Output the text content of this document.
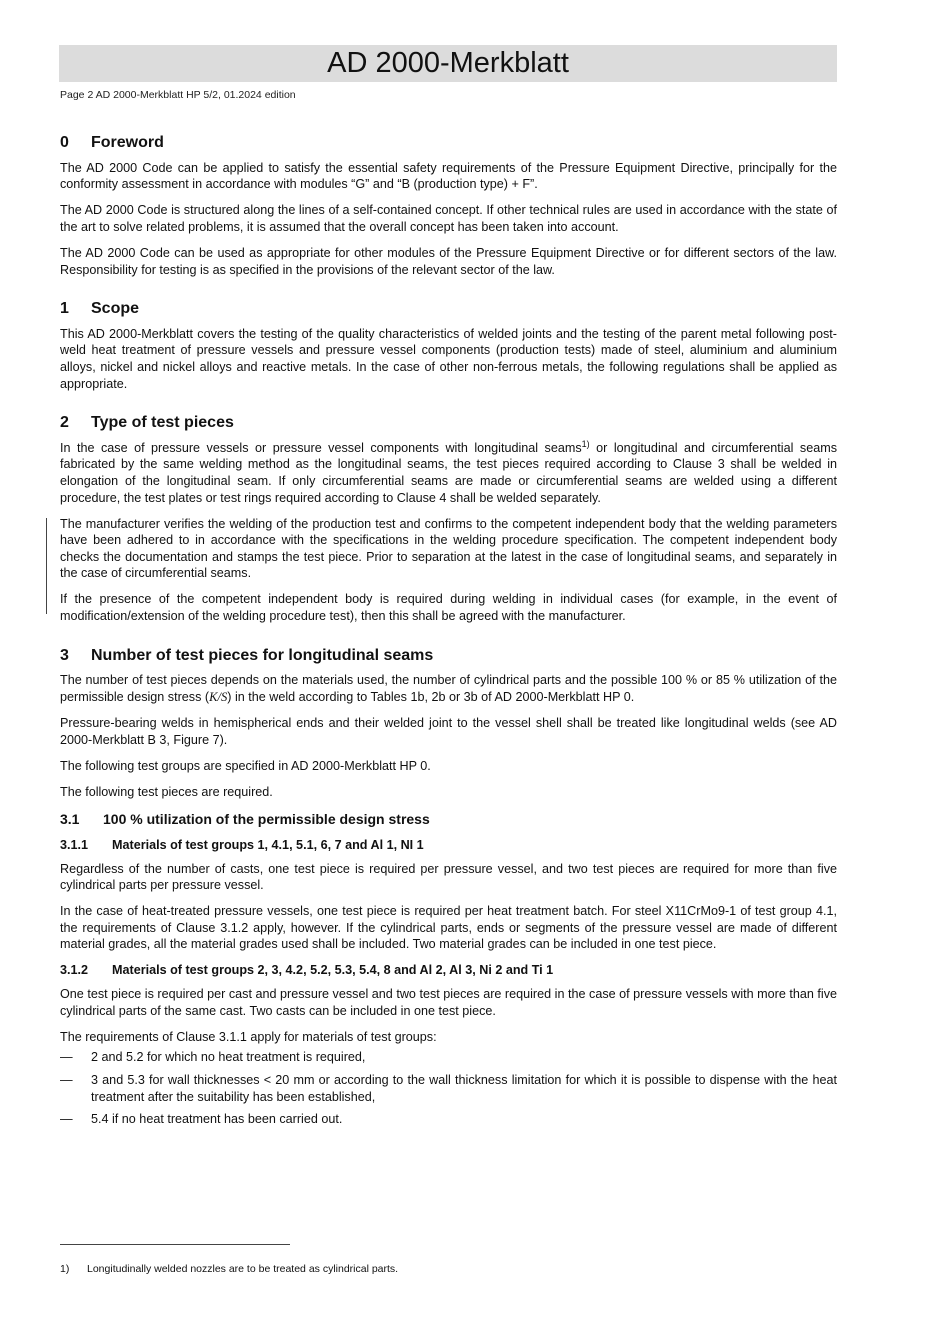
AD 2000-Merkblatt
Page 2 AD 2000-Merkblatt HP 5/2, 01.2024 edition
0	Foreword

The AD 2000 Code can be applied to satisfy the essential safety requirements of the Pressure Equipment Directive, principally for the conformity assessment in accordance with modules “G” and “B (production type) + F”.

The AD 2000 Code is structured along the lines of a self-contained concept. If other technical rules are used in accordance with the state of the art to solve related problems, it is assumed that the overall concept has been taken into account.

The AD 2000 Code can be used as appropriate for other modules of the Pressure Equipment Directive or for different sectors of the law. Responsibility for testing is as specified in the provisions of the relevant sector of the law.

1	Scope

This AD 2000-Merkblatt covers the testing of the quality characteristics of welded joints and the testing of the parent metal following post-weld heat treatment of pressure vessels and pressure vessel components (production tests) made of steel, aluminium and aluminium alloys, nickel and nickel alloys and reactive metals. In the case of other non-ferrous metals, the following regulations shall be applied as appropriate.

2	Type of test pieces

In the case of pressure vessels or pressure vessel components with longitudinal seams$^{1)}$ or longitudinal and circumferential seams fabricated by the same welding method as the longitudinal seams, the test pieces required according to Clause 3 shall be welded in elongation of the longitudinal seam. If only circumferential seams are made or circumferential seams are welded using a different procedure, the test plates or test rings required according to Clause 4 shall be welded separately.

The manufacturer verifies the welding of the production test and confirms to the competent independent body that the welding parameters have been adhered to in accordance with the specifications in the welding procedure specification. The competent independent body checks the documentation and stamps the test piece. Prior to separation at the latest in the case of longitudinal seams, and separately in the case of circumferential seams.

If the presence of the competent independent body is required during welding in individual cases (for example, in the event of modification/extension of the welding procedure test), then this shall be agreed with the manufacturer.

3	Number of test pieces for longitudinal seams

The number of test pieces depends on the materials used, the number of cylindrical parts and the possible 100 % or 85 % utilization of the permissible design stress (K/S) in the weld according to Tables 1b, 2b or 3b of AD 2000-Merkblatt HP 0.

Pressure-bearing welds in hemispherical ends and their welded joint to the vessel shell shall be treated like longitudinal welds (see AD 2000-Merkblatt B 3, Figure 7).

The following test groups are specified in AD 2000-Merkblatt HP 0.

The following test pieces are required.

3.1	100 % utilization of the permissible design stress
3.1.1	Materials of test groups 1, 4.1, 5.1, 6, 7 and Al 1, NI 1

Regardless of the number of casts, one test piece is required per pressure vessel, and two test pieces are required for more than five cylindrical parts per pressure vessel.

In the case of heat-treated pressure vessels, one test piece is required per heat treatment batch. For steel X11CrMo9-1 of test group 4.1, the requirements of Clause 3.1.2 apply, however. If the cylindrical parts, ends or segments of the pressure vessel are made of different material grades, all the material grades used shall be included. Two material grades can be included in one test piece.

3.1.2	Materials of test groups 2, 3, 4.2, 5.2, 5.3, 5.4, 8 and Al 2, Al 3, Ni 2 and Ti 1

One test piece is required per cast and pressure vessel and two test pieces are required in the case of pressure vessels with more than five cylindrical parts of the same cast. Two casts can be included in one test piece.

The requirements of Clause 3.1.1 apply for materials of test groups:

—	2 and 5.2 for which no heat treatment is required,
—	3 and 5.3 for wall thicknesses < 20 mm or according to the wall thickness limitation for which it is possible to dispense with the heat treatment after the suitability has been established,
—	5.4 if no heat treatment has been carried out.
1)	Longitudinally welded nozzles are to be treated as cylindrical parts.
